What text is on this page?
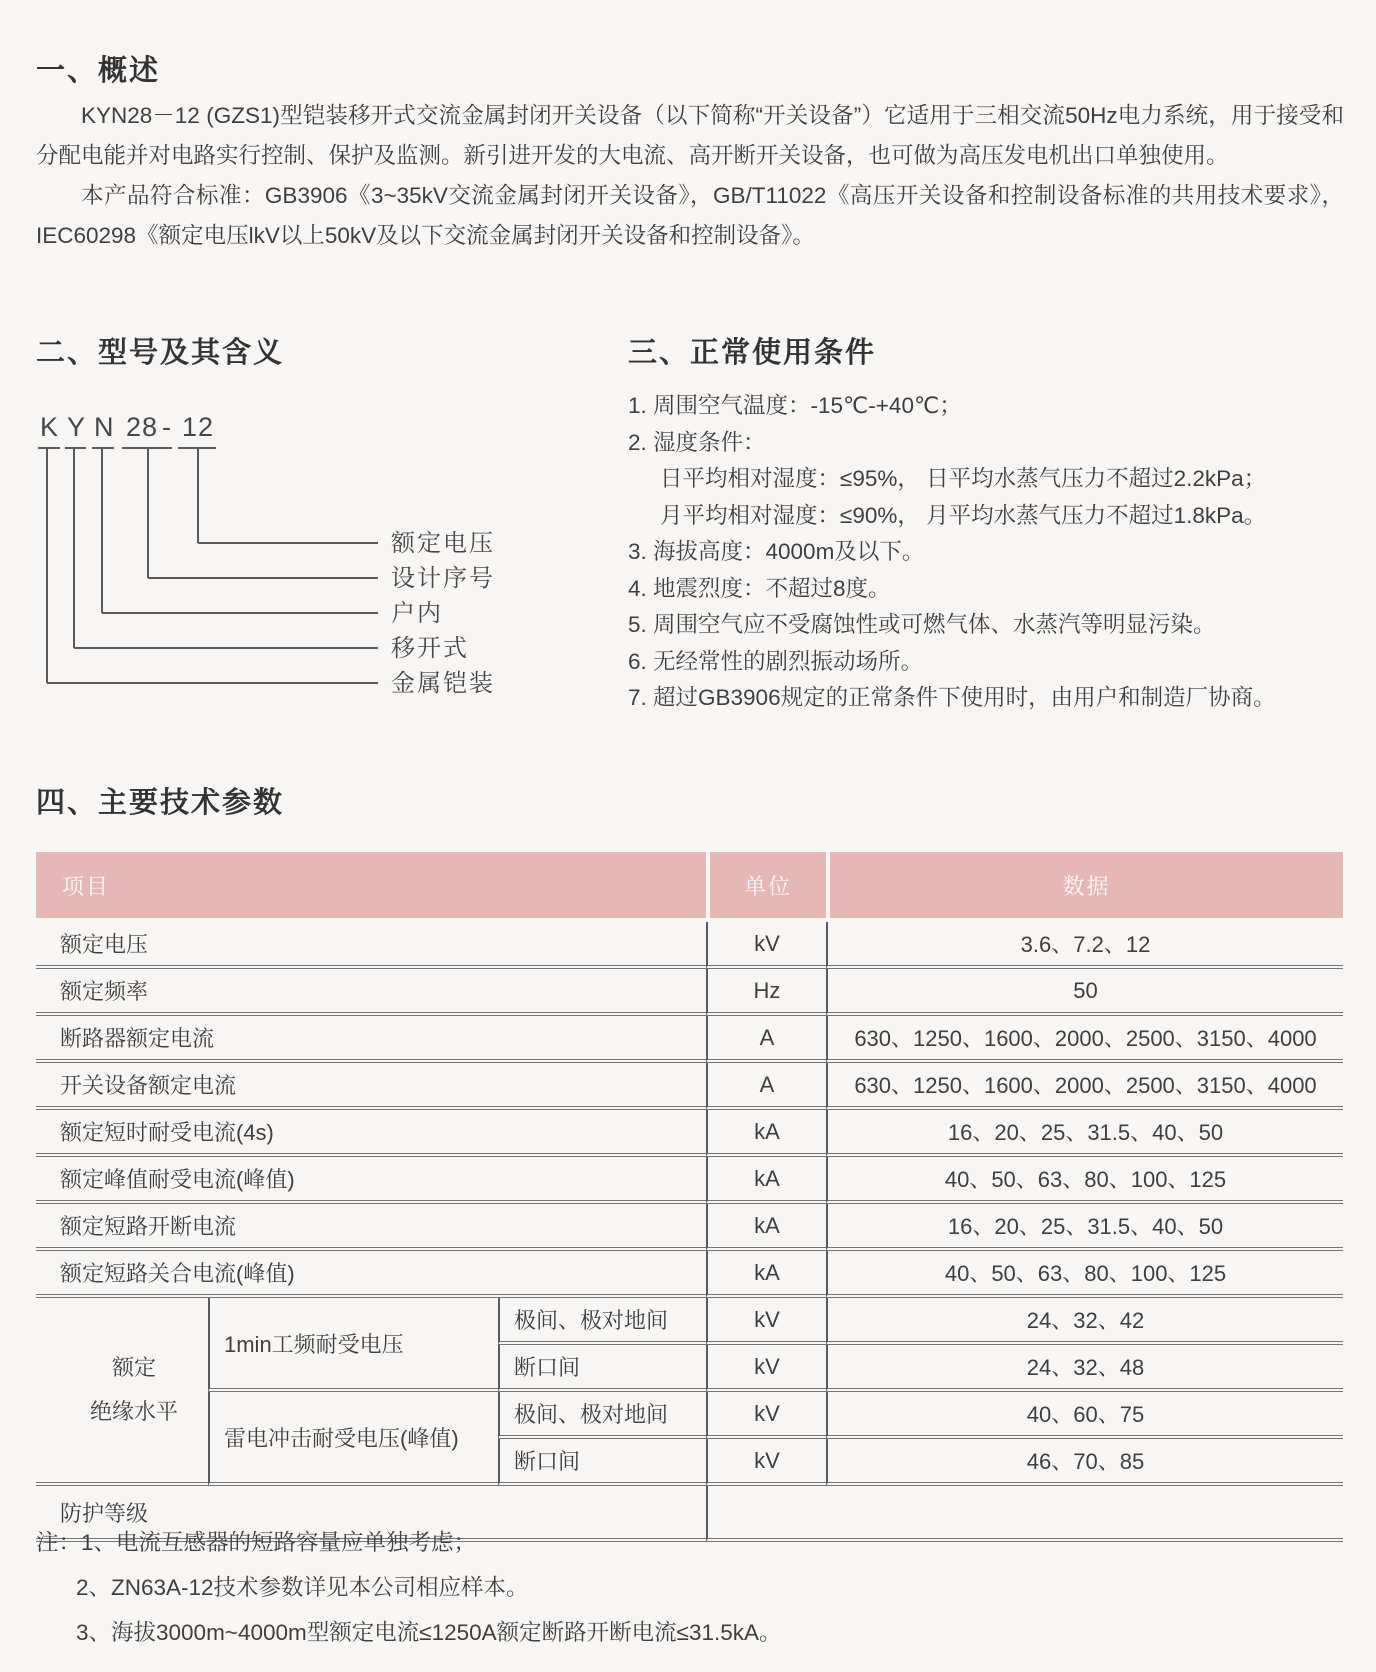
一、概述

KYN28－12 (GZS1)型铠装移开式交流金属封闭开关设备（以下简称“开关设备”）它适用于三相交流50Hz电力系统，用于接受和分配电能并对电路实行控制、保护及监测。新引进开发的大电流、高开断开关设备，也可做为高压发电机出口单独使用。

本产品符合标准：GB3906《3~35kV交流金属封闭开关设备》，GB/T11022《高压开关设备和控制设备标准的共用技术要求》，IEC60298《额定电压lkV以上50kV及以下交流金属封闭开关设备和控制设备》。

二、型号及其含义
K Y N 28 - 12
额定电压
设计序号
户内
移开式
金属铠装
三、正常使用条件
1. 周围空气温度：-15℃-+40℃；
2. 湿度条件：
日平均相对湿度：≤95%， 日平均水蒸气压力不超过2.2kPa；
月平均相对湿度：≤90%， 月平均水蒸气压力不超过1.8kPa。
3. 海拔高度：4000m及以下。
4. 地震烈度：不超过8度。
5. 周围空气应不受腐蚀性或可燃气体、水蒸汽等明显污染。
6. 无经常性的剧烈振动场所。
7. 超过GB3906规定的正常条件下使用时，由用户和制造厂协商。
四、主要技术参数
项目			单位	数据
额定电压			kV	3.6、7.2、12
额定频率			Hz	50
断路器额定电流			A	630、1250、1600、2000、2500、3150、4000
开关设备额定电流			A	630、1250、1600、2000、2500、3150、4000
额定短时耐受电流(4s)			kA	16、20、25、31.5、40、50
额定峰值耐受电流(峰值)			kA	40、50、63、80、100、125
额定短路开断电流			kA	16、20、25、31.5、40、50
额定短路关合电流(峰值)			kA	40、50、63、80、100、125

额定
绝缘水平	1min工频耐受电压	极间、极对地间	kV	24、32、42
		断口间	kV	24、32、48
	雷电冲击耐受电压(峰值)	极间、极对地间	kV	40、60、75
		断口间	kV	46、70、85
防护等级				
注：1、电流互感器的短路容量应单独考虑；
2、ZN63A-12技术参数详见本公司相应样本。
3、海拔3000m~4000m型额定电流≤1250A额定断路开断电流≤31.5kA。
